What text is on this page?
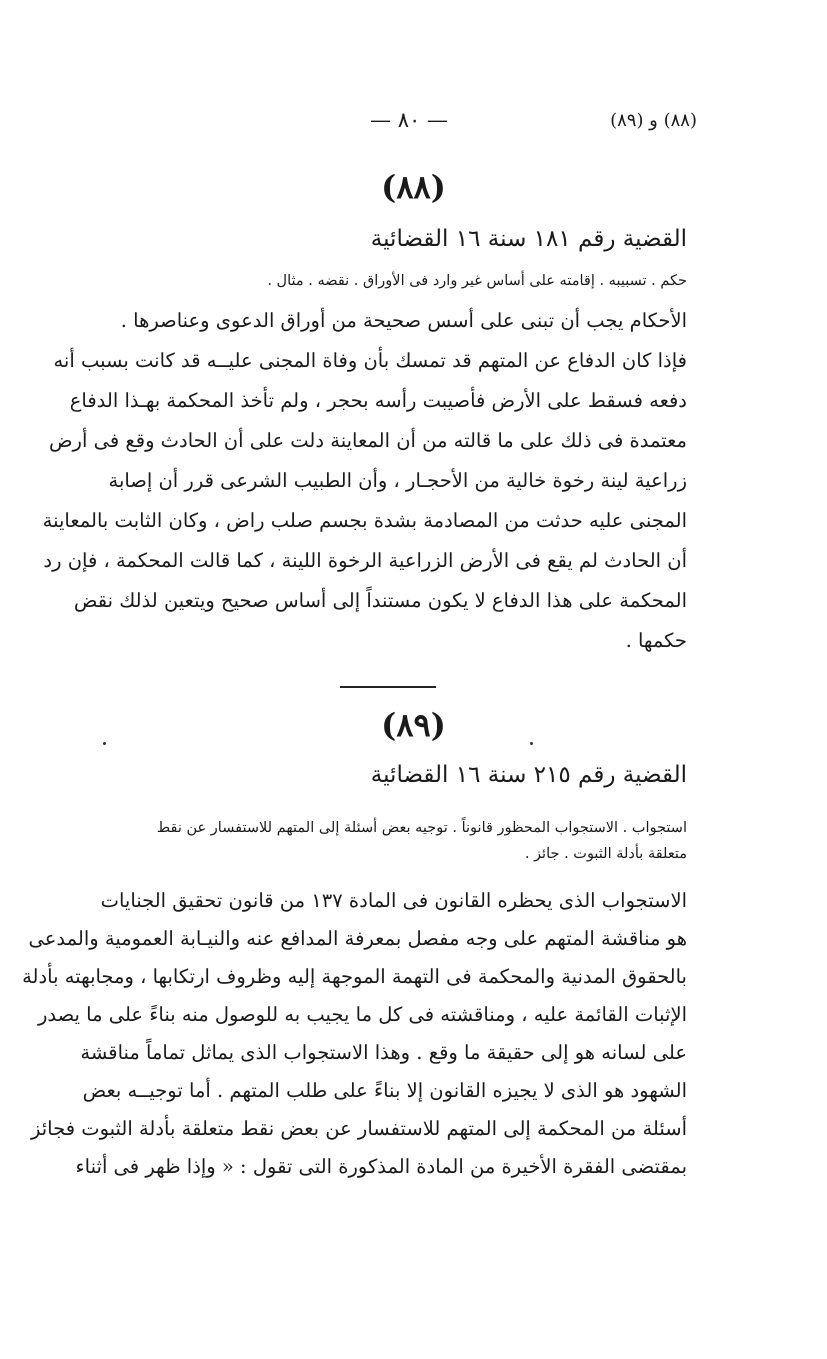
— ٨٠ —	(٨٨) و (٨٩)
(٨٨)
القضية رقم ١٨١ سنة ١٦ القضائية
حكم . تسبيبه . إقامته على أساس غير وارد فى الأوراق . نقضه . مثال .
الأحكام يجب أن تبنى على أسس صحيحة من أوراق الدعوى وعناصرها .
فإذا كان الدفاع عن المتهم قد تمسك بأن وفاة المجنى عليــه قد كانت بسبب أنه
دفعه فسقط على الأرض فأصيبت رأسه بحجر ، ولم تأخذ المحكمة بهـذا الدفاع
معتمدة فى ذلك على ما قالته من أن المعاينة دلت على أن الحادث وقع فى أرض
زراعية لينة رخوة خالية من الأحجـار ، وأن الطبيب الشرعى قرر أن إصابة
المجنى عليه حدثت من المصادمة بشدة بجسم صلب راض ، وكان الثابت بالمعاينة
أن الحادث لم يقع فى الأرض الزراعية الرخوة اللينة ، كما قالت المحكمة ، فإن رد
المحكمة على هذا الدفاع لا يكون مستنداً إلى أساس صحيح ويتعين لذلك نقض
حكمها .
(٨٩)
القضية رقم ٢١٥ سنة ١٦ القضائية
استجواب . الاستجواب المحظور قانوناً . توجيه بعض أسئلة إلى المتهم للاستفسار عن نقط
متعلقة بأدلة الثبوت . جائز .
الاستجواب الذى يحظره القانون فى المادة ١٣٧ من قانون تحقيق الجنايات
هو مناقشة المتهم على وجه مفصل بمعرفة المدافع عنه والنيـابة العمومية والمدعى
بالحقوق المدنية والمحكمة فى التهمة الموجهة إليه وظروف ارتكابها ، ومجابهته بأدلة
الإثبات القائمة عليه ، ومناقشته فى كل ما يجيب به للوصول منه بناءً على ما يصدر
على لسانه هو إلى حقيقة ما وقع . وهذا الاستجواب الذى يماثل تماماً مناقشة
الشهود هو الذى لا يجيزه القانون إلا بناءً على طلب المتهم . أما توجيــه بعض
أسئلة من المحكمة إلى المتهم للاستفسار عن بعض نقط متعلقة بأدلة الثبوت فجائز
بمقتضى الفقرة الأخيرة من المادة المذكورة التى تقول : « وإذا ظهر فى أثناء
